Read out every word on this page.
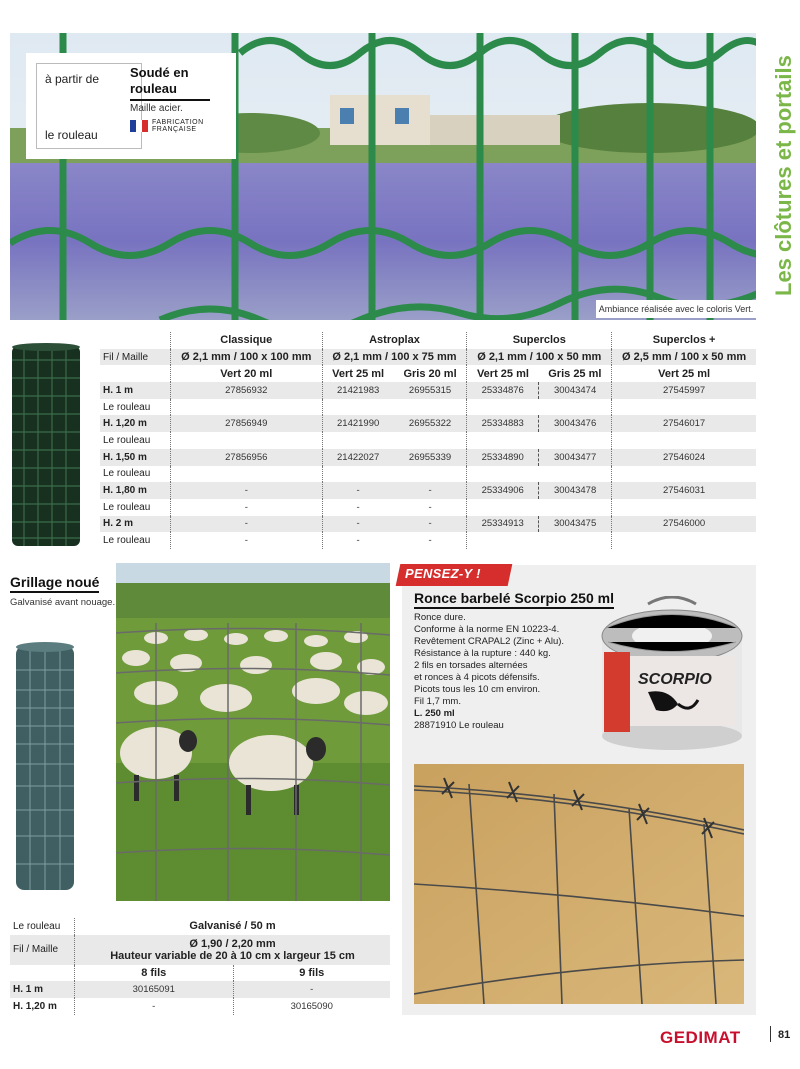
à partir de
le rouleau
Soudé en rouleau
Maille acier.
FABRICATION
FRANÇAISE
Ambiance réalisée avec le coloris Vert.
Les clôtures et portails
	Classique	Astroplax		Superclos		Superclos +
Fil / Maille	Ø 2,1 mm / 100 x 100 mm	Ø 2,1 mm / 100 x 75 mm		Ø 2,1 mm / 100 x 50 mm		Ø 2,5 mm / 100 x 50 mm
	Vert 20 ml	Vert 25 ml	Gris 20 ml	Vert 25 ml	Gris 25 ml	Vert 25 ml
H. 1 m	27856932	21421983	26955315	25334876	30043474	27545997
Le rouleau						
H. 1,20 m	27856949	21421990	26955322	25334883	30043476	27546017
Le rouleau						
H. 1,50 m	27856956	21422027	26955339	25334890	30043477	27546024
Le rouleau						
H. 1,80 m	-	-	-	25334906	30043478	27546031
Le rouleau	-	-	-			
H. 2 m	-	-	-	25334913	30043475	27546000
Le rouleau	-	-	-			
Grillage noué
Galvanisé avant nouage.
Le rouleau	Galvanisé / 50 m	
Fil / Maille	Ø 1,90 / 2,20 mm
Hauteur variable de 20 à 10 cm x largeur 15 cm	

	8 fils	9 fils
H. 1 m	30165091	-
H. 1,20 m	-	30165090
PENSEZ-Y !
Ronce barbelé Scorpio 250 ml
Ronce dure.
Conforme à la norme EN 10223-4.
Revêtement CRAPAL2 (Zinc + Alu).
Résistance à la rupture : 440 kg.
2 fils en torsades alternées
et ronces à 4 picots défensifs.
Picots tous les 10 cm environ.
Fil 1,7 mm.
L. 250 ml
28871910 Le rouleau
SCORPIO
GEDIMAT	81
